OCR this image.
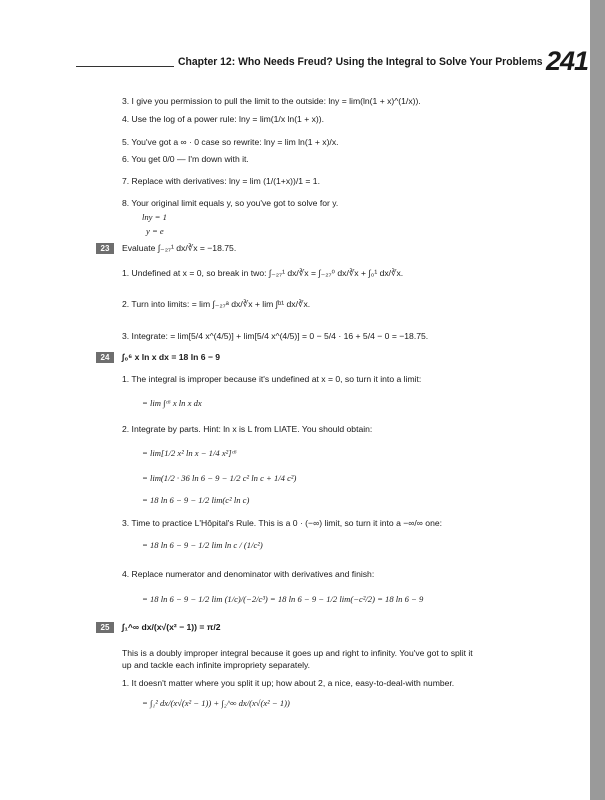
Chapter 12: Who Needs Freud? Using the Integral to Solve Your Problems 241
3. I give you permission to pull the limit to the outside: lny = lim(ln(1 + x)^(1/x)).
4. Use the log of a power rule: lny = lim(1/x ln(1 + x)).
5. You've got a ∞ · 0 case so rewrite: lny = lim ln(1 + x)/x.
6. You get 0/0 — I'm down with it.
7. Replace with derivatives: lny = lim (1/(1+x))/1 = 1.
8. Your original limit equals y, so you've got to solve for y.
lny = 1
y = e
23	Evaluate ∫₋₂₇¹ dx/∛x = −18.75.
1. Undefined at x = 0, so break in two: ∫₋₂₇¹ dx/∛x = ∫₋₂₇⁰ dx/∛x + ∫₀¹ dx/∛x.
2. Turn into limits: = lim ∫₋₂₇ᵃ dx/∛x + lim ∫ᵇ¹ dx/∛x.
3. Integrate: = lim[5/4 x^(4/5)] + lim[5/4 x^(4/5)] = 0 − 5/4 · 16 + 5/4 − 0 = −18.75.
24	∫₀⁶ x ln x dx = 18 ln 6 − 9
1. The integral is improper because it's undefined at x = 0, so turn it into a limit:
= lim ∫ᶜ⁶ x ln x dx
2. Integrate by parts. Hint: ln x is L from LIATE. You should obtain:
= lim[1/2 x² ln x − 1/4 x²]ᶜ⁶
= lim(1/2 · 36 ln 6 − 9 − 1/2 c² ln c + 1/4 c²)
= 18 ln 6 − 9 − 1/2 lim(c² ln c)
3. Time to practice L'Hôpital's Rule. This is a 0 · (−∞) limit, so turn it into a −∞/∞ one:
= 18 ln 6 − 9 − 1/2 lim ln c / (1/c²)
4. Replace numerator and denominator with derivatives and finish:
= 18 ln 6 − 9 − 1/2 lim (1/c)/(−2/c³) = 18 ln 6 − 9 − 1/2 lim(−c²/2) = 18 ln 6 − 9
25	∫₁^∞ dx/(x√(x² − 1)) = π/2
This is a doubly improper integral because it goes up and right to infinity. You've got to split it
up and tackle each infinite impropriety separately.
1. It doesn't matter where you split it up; how about 2, a nice, easy-to-deal-with number.
= ∫₁² dx/(x√(x² − 1)) + ∫₂^∞ dx/(x√(x² − 1))
